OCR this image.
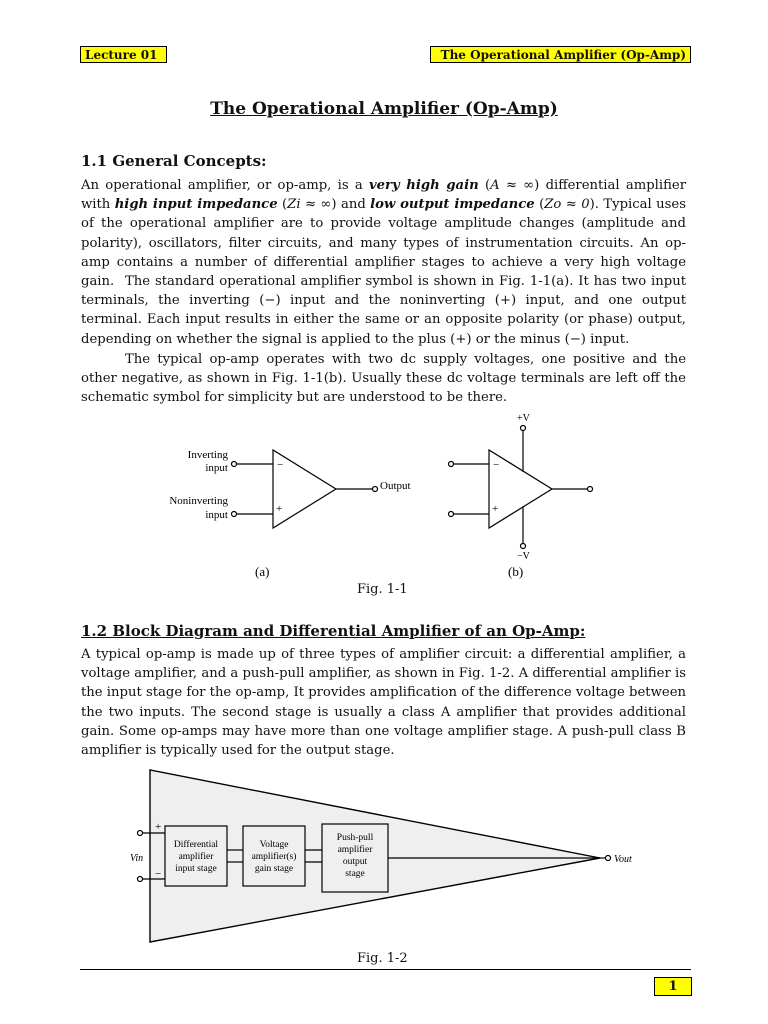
Lecture 01	The Operational Amplifier (Op-Amp)
The Operational Amplifier (Op-Amp)
1.1 General Concepts:

An operational amplifier, or op-amp, is a very high gain (A ≈ ∞) differential amplifier with high input impedance (Zi ≈ ∞) and low output impedance (Zo ≈ 0). Typical uses of the operational amplifier are to provide voltage amplitude changes (amplitude and polarity), oscillators, filter circuits, and many types of instrumentation circuits. An op-amp contains a number of differential amplifier stages to achieve a very high voltage gain. The standard operational amplifier symbol is shown in Fig. 1-1(a). It has two input terminals, the inverting (−) input and the noninverting (+) input, and one output terminal. Each input results in either the same or an opposite polarity (or phase) output, depending on whether the signal is applied to the plus (+) or the minus (−) input.

The typical op-amp operates with two dc supply voltages, one positive and the other negative, as shown in Fig. 1-1(b). Usually these dc voltage terminals are left off the schematic symbol for simplicity but are understood to be there.

−
+
Inverting
input
Noninverting
input
Output
−
+
+V
−V
(a)	(b)
Fig. 1-1
1.2 Block Diagram and Differential Amplifier of an Op-Amp:

A typical op-amp is made up of three types of amplifier circuit: a differential amplifier, a voltage amplifier, and a push-pull amplifier, as shown in Fig. 1-2. A differential amplifier is the input stage for the op-amp, It provides amplification of the difference voltage between the two inputs. The second stage is usually a class A amplifier that provides additional gain. Some op-amps may have more than one voltage amplifier stage. A push-pull class B amplifier is typically used for the output stage.

+
−
Vin	Vout
Differential
amplifier
input stage
Voltage
amplifier(s)
gain stage
Push-pull
amplifier
output
stage
Fig. 1-2
1
